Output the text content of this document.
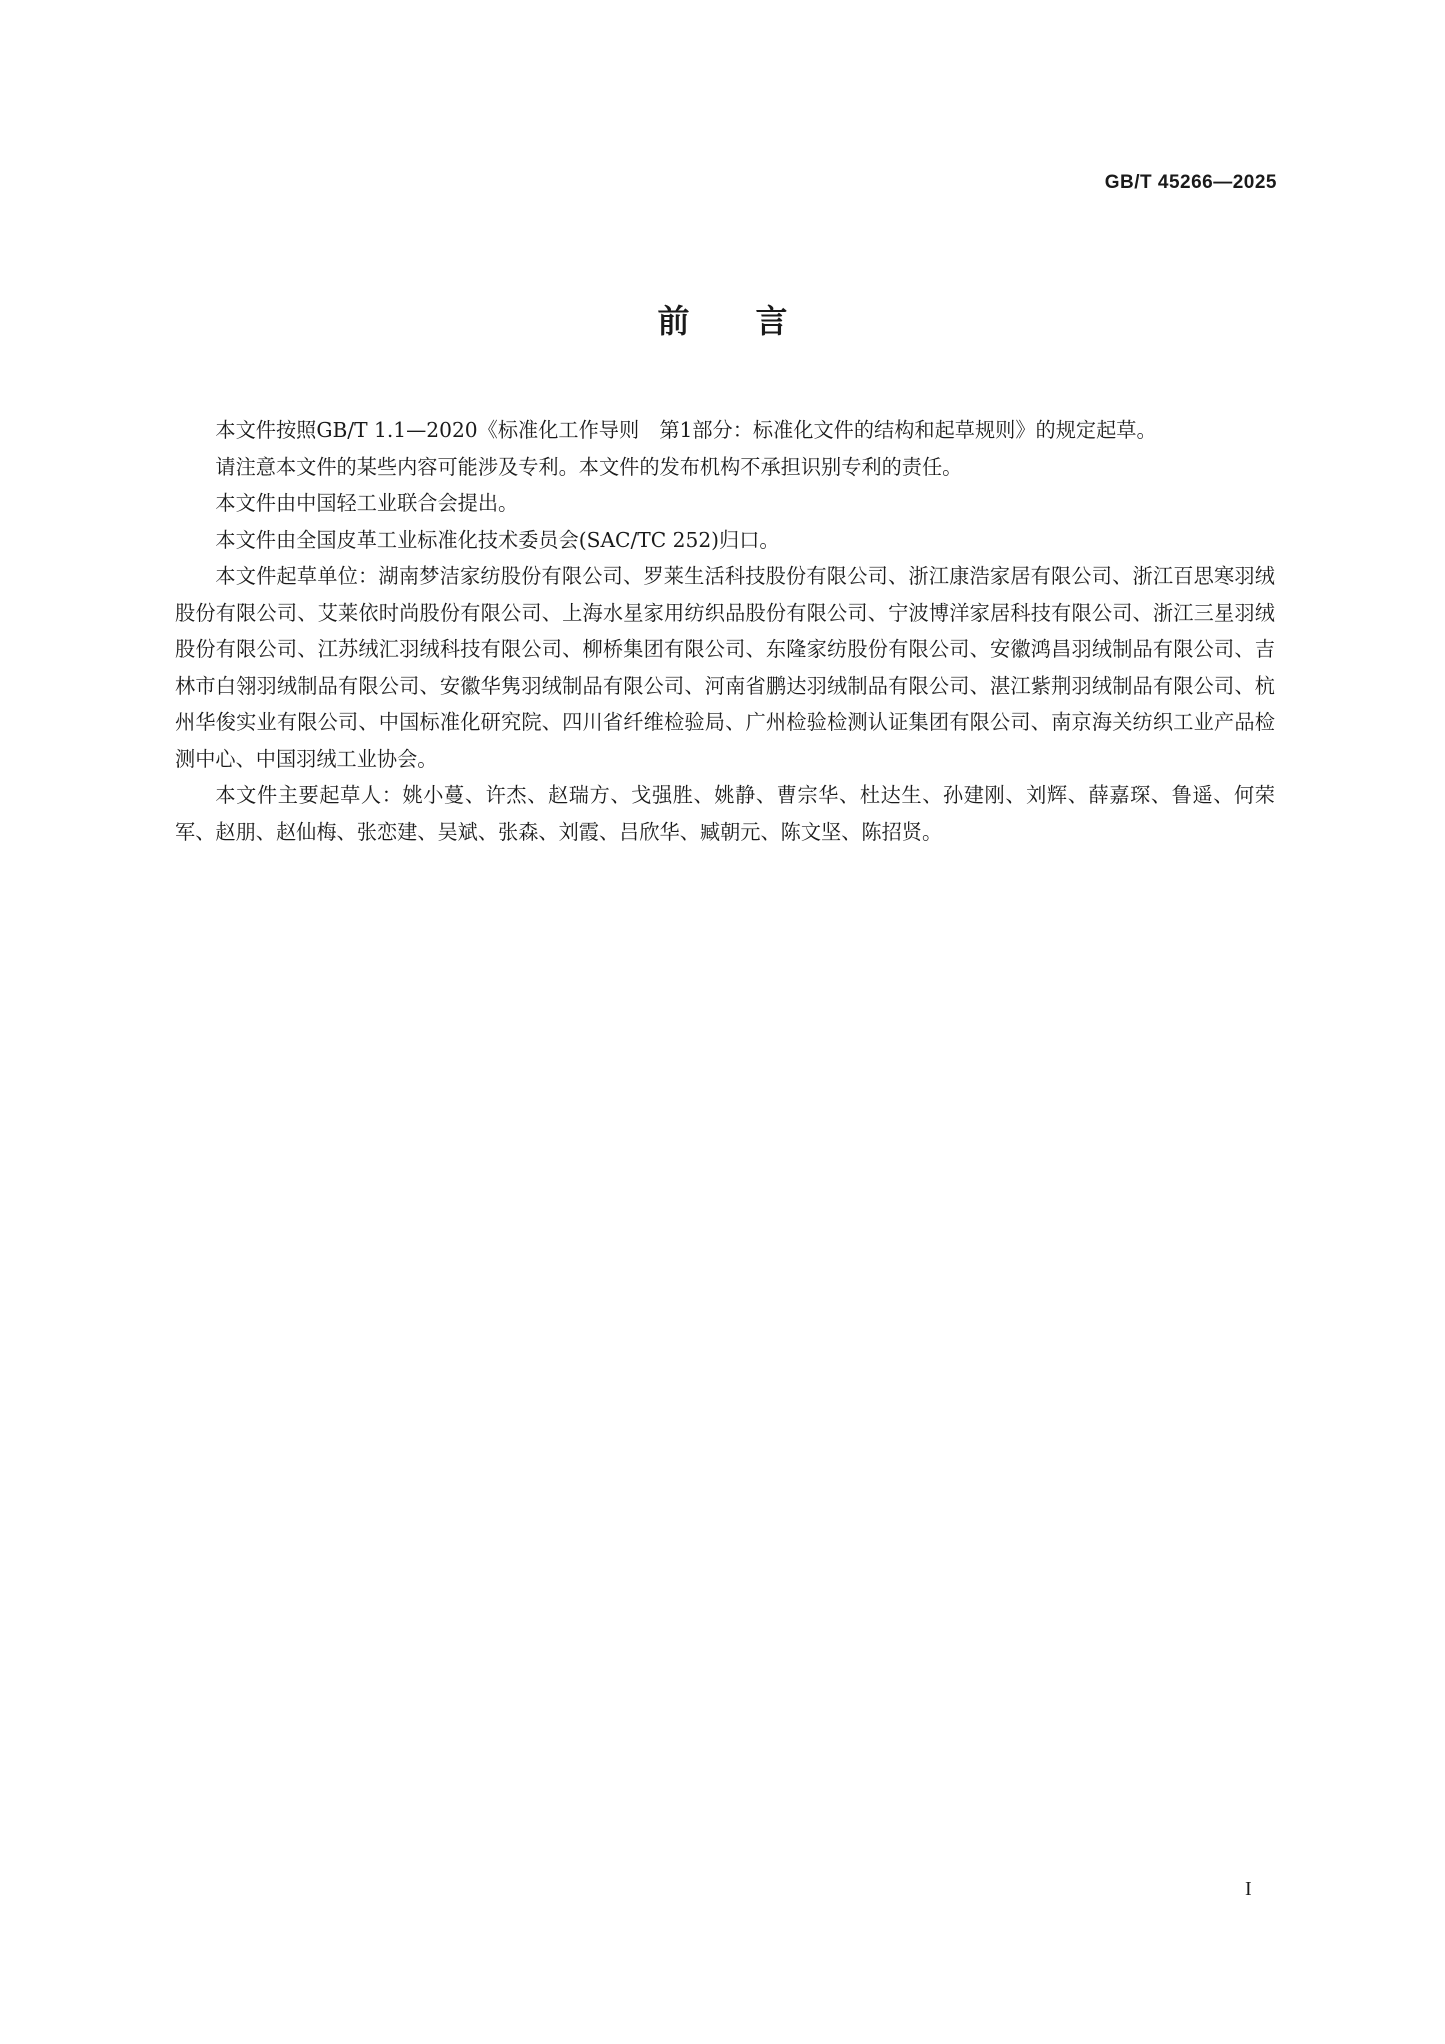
GB/T 45266—2025
前 言

本文件按照GB/T 1.1—2020《标准化工作导则　第1部分：标准化文件的结构和起草规则》的规定起草。

请注意本文件的某些内容可能涉及专利。本文件的发布机构不承担识别专利的责任。

本文件由中国轻工业联合会提出。

本文件由全国皮革工业标准化技术委员会(SAC/TC 252)归口。

本文件起草单位：湖南梦洁家纺股份有限公司、罗莱生活科技股份有限公司、浙江康浩家居有限公司、浙江百思寒羽绒股份有限公司、艾莱依时尚股份有限公司、上海水星家用纺织品股份有限公司、宁波博洋家居科技有限公司、浙江三星羽绒股份有限公司、江苏绒汇羽绒科技有限公司、柳桥集团有限公司、东隆家纺股份有限公司、安徽鸿昌羽绒制品有限公司、吉林市白翎羽绒制品有限公司、安徽华隽羽绒制品有限公司、河南省鹏达羽绒制品有限公司、湛江紫荆羽绒制品有限公司、杭州华俊实业有限公司、中国标准化研究院、四川省纤维检验局、广州检验检测认证集团有限公司、南京海关纺织工业产品检测中心、中国羽绒工业协会。

本文件主要起草人：姚小蔓、许杰、赵瑞方、戈强胜、姚静、曹宗华、杜达生、孙建刚、刘辉、薛嘉琛、鲁遥、何荣军、赵朋、赵仙梅、张恋建、吴斌、张森、刘霞、吕欣华、臧朝元、陈文坚、陈招贤。

I
